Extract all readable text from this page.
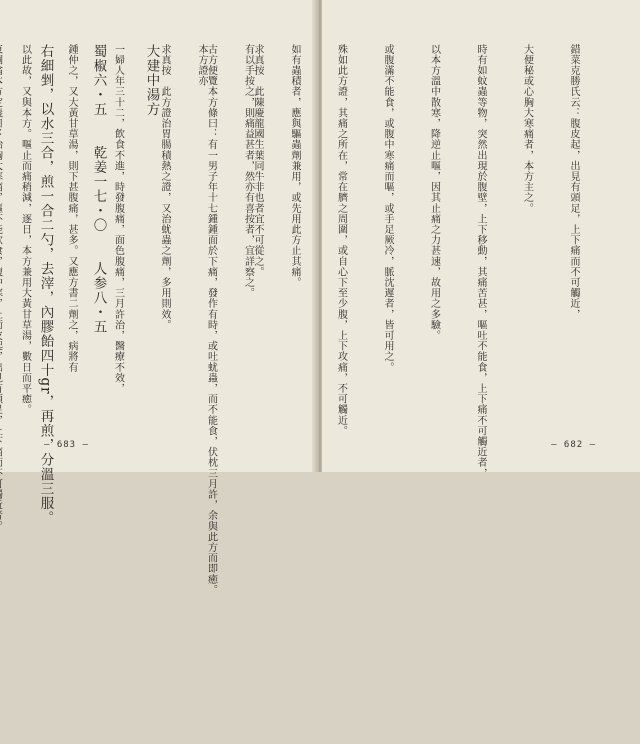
求真按　此陳慶龍國生葉同牛非也者宜不可從之。

古方便覽本方條曰：有一男子年十七鍾鍾面於下痛，發作有時，或吐蚘蟲，而不能食，伏枕三月許，余與此方而即癒。

求真按　此方證治胃腸積熱之證，又治蚘蟲之劑，多用則效。

一婦人年三十二，飲食不進，時發腹痛，面色腹痛，三月許治，醫療不效，

鍾仲之，又大黃甘草湯，則下甚腹痛，甚多。又應方書二劑之，病將有

以此故，又與本方。嘔止而痛稍減，逐日，本方兼用大黃甘草湯，數日而平癒。

— 683 —

錯菜克勝氏云：腹皮起，出見有頭足，上下痛而不可觸近，

大便秘或心胸大寒痛者，本方主之。

時有如蚊蟲等物，突然出現於腹壁，上下移動，其痛苦甚，嘔吐不能食，上下痛不可觸近者，

以本方溫中散寒，降逆止嘔，因其止痛之力甚速，故用之多驗。

或腹滿不能食，或腹中寒痛而嘔，或手足厥冷，脈沈遲者，皆可用之。

殊如此方證，其痛之所在，常在臍之周圍，或自心下至少腹，上下攻痛，不可觸近。

如有蟲積者，應與驅蟲劑兼用，或先用此方止其痛。

有以手按之，則痛益甚者，然亦有喜按者，宜詳察之。

本方證亦

大建中湯方

蜀椒六・五　　乾姜一七・〇　　人参八・五

右細剉，以水三合，煎一合二勺，去滓，內膠飴四十gr，再煎，分溫三服。

	— 682 —
